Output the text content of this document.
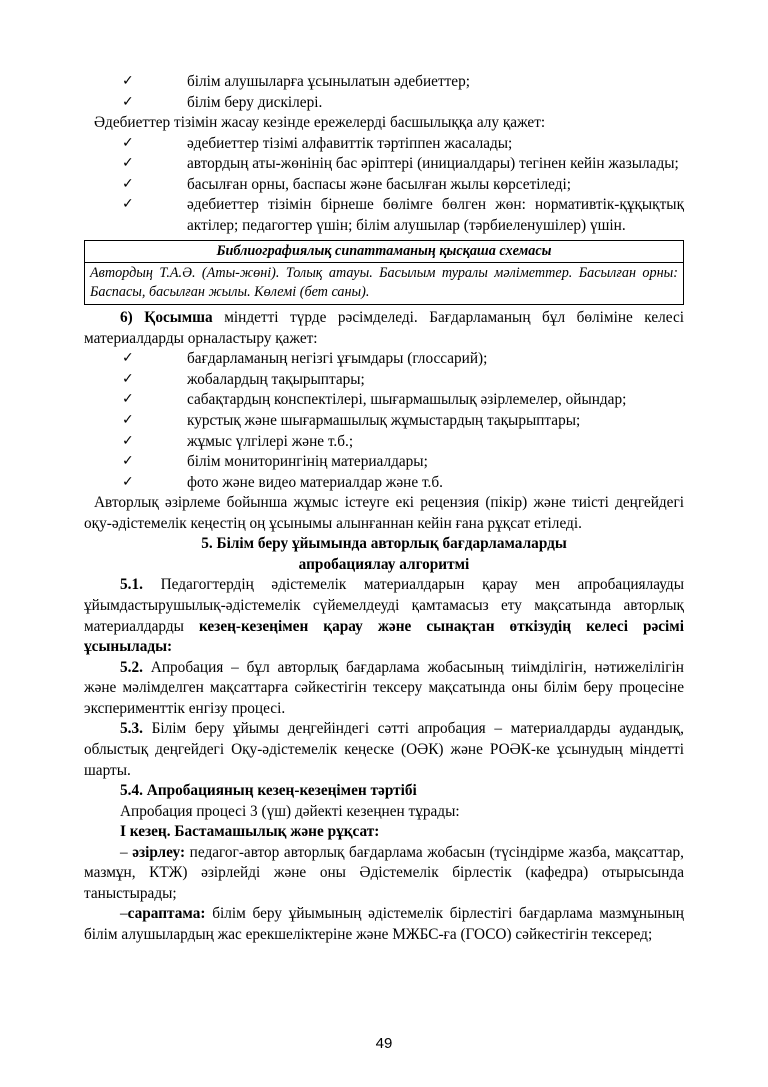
✓	білім алушыларға ұсынылатын әдебиеттер;
✓	білім беру дискілері.

Әдебиеттер тізімін жасау кезінде ережелерді басшылыққа алу қажет:

✓	әдебиеттер тізімі алфавиттік тәртіппен жасалады;
✓	автордың аты-жөнінің бас әріптері (инициалдары) тегінен кейін жазылады;
✓	басылған орны, баспасы және басылған жылы көрсетіледі;
✓	әдебиеттер тізімін бірнеше бөлімге бөлген жөн: нормативтік-құқықтық актілер; педагогтер үшін; білім алушылар (тәрбиеленушілер) үшін.
Библиографиялық сипаттаманың қысқаша схемасы
Автордың Т.А.Ә. (Аты-жөні). Толық атауы. Басылым туралы мәліметтер. Басылған орны: Баспасы, басылған жылы. Көлемі (бет саны).

6) Қосымша міндетті түрде рәсімделеді. Бағдарламаның бұл бөліміне келесі материалдарды орналастыру қажет:

✓	бағдарламаның негізгі ұғымдары (глоссарий);
✓	жобалардың тақырыптары;
✓	сабақтардың конспектілері, шығармашылық әзірлемелер, ойындар;
✓	курстық және шығармашылық жұмыстардың тақырыптары;
✓	жұмыс үлгілері және т.б.;
✓	білім мониторингінің материалдары;
✓	фото және видео материалдар және т.б.

Авторлық әзірлеме бойынша жұмыс істеуге екі рецензия (пікір) және тиісті деңгейдегі оқу-әдістемелік кеңестің оң ұсынымы алынғаннан кейін ғана рұқсат етіледі.

5. Білім беру ұйымында авторлық бағдарламаларды

апробациялау алгоритмі

5.1. Педагогтердің әдістемелік материалдарын қарау мен апробациялауды ұйымдастырушылық-әдістемелік сүйемелдеуді қамтамасыз ету мақсатында авторлық материалдарды кезең-кезеңімен қарау және сынақтан өткізудің келесі рәсімі ұсынылады:

5.2. Апробация – бұл авторлық бағдарлама жобасының тиімділігін, нәтижелілігін және мәлімделген мақсаттарға сәйкестігін тексеру мақсатында оны білім беру процесіне эксперименттік енгізу процесі.

5.3. Білім беру ұйымы деңгейіндегі сәтті апробация – материалдарды аудандық, облыстық деңгейдегі Оқу-әдістемелік кеңеске (ОӘК) және РОӘК-ке ұсынудың міндетті шарты.

5.4. Апробацияның кезең-кезеңімен тәртібі

Апробация процесі 3 (үш) дәйекті кезеңнен тұрады:

I кезең. Бастамашылық және рұқсат:

– әзірлеу: педагог-автор авторлық бағдарлама жобасын (түсіндірме жазба, мақсаттар, мазмұн, КТЖ) әзірлейді және оны Әдістемелік бірлестік (кафедра) отырысында таныстырады;

–сараптама: білім беру ұйымының әдістемелік бірлестігі бағдарлама мазмұнының білім алушылардың жас ерекшеліктеріне және МЖБС-ға (ГОСО) сәйкестігін тексеред;

49
